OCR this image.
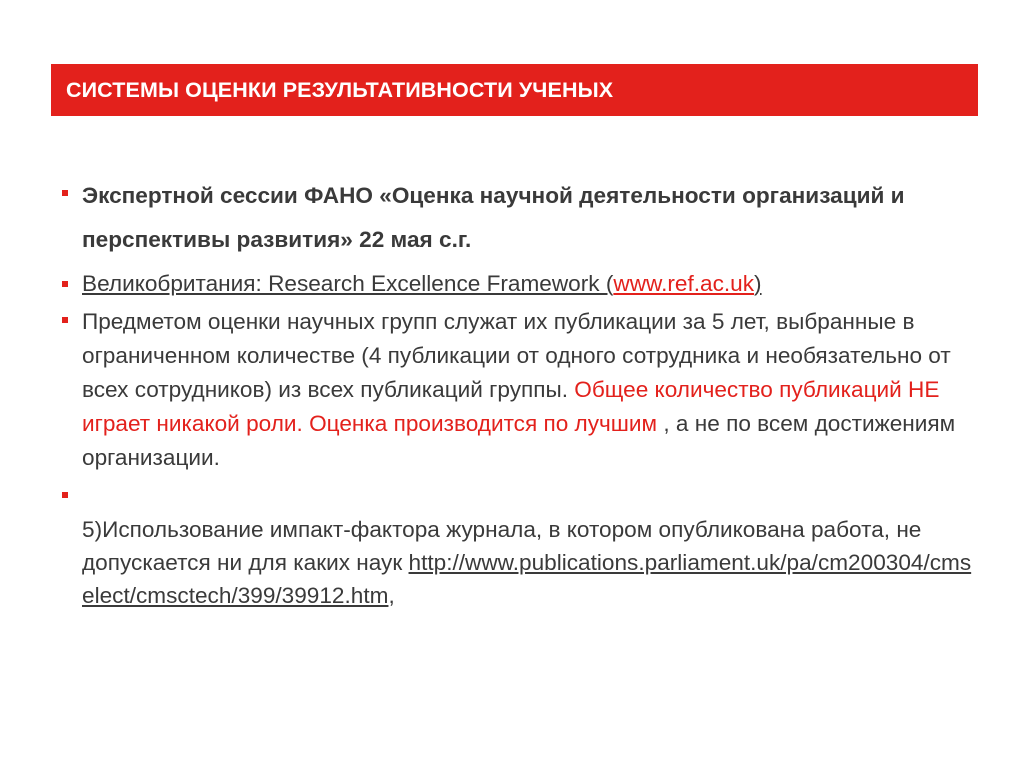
СИСТЕМЫ ОЦЕНКИ РЕЗУЛЬТАТИВНОСТИ УЧЕНЫХ
Экспертной сессии ФАНО «Оценка научной деятельности организаций и перспективы развития» 22 мая с.г.
Великобритания: Research Excellence Framework (www.ref.ac.uk)
Предметом оценки научных групп служат их публикации за 5 лет, выбранные в ограниченном количестве (4 публикации от одного сотрудника и необязательно от всех сотрудников) из всех публикаций группы. Общее количество публикаций НЕ
играет никакой роли. Оценка производится по лучшим , а не по всем достижениям организации.
5)Использование импакт-фактора журнала, в котором опубликована работа, не допускается ни для каких наук http://www.publications.parliament.uk/pa/cm200304/cmselect/cmsctech/399/39912.htm,
